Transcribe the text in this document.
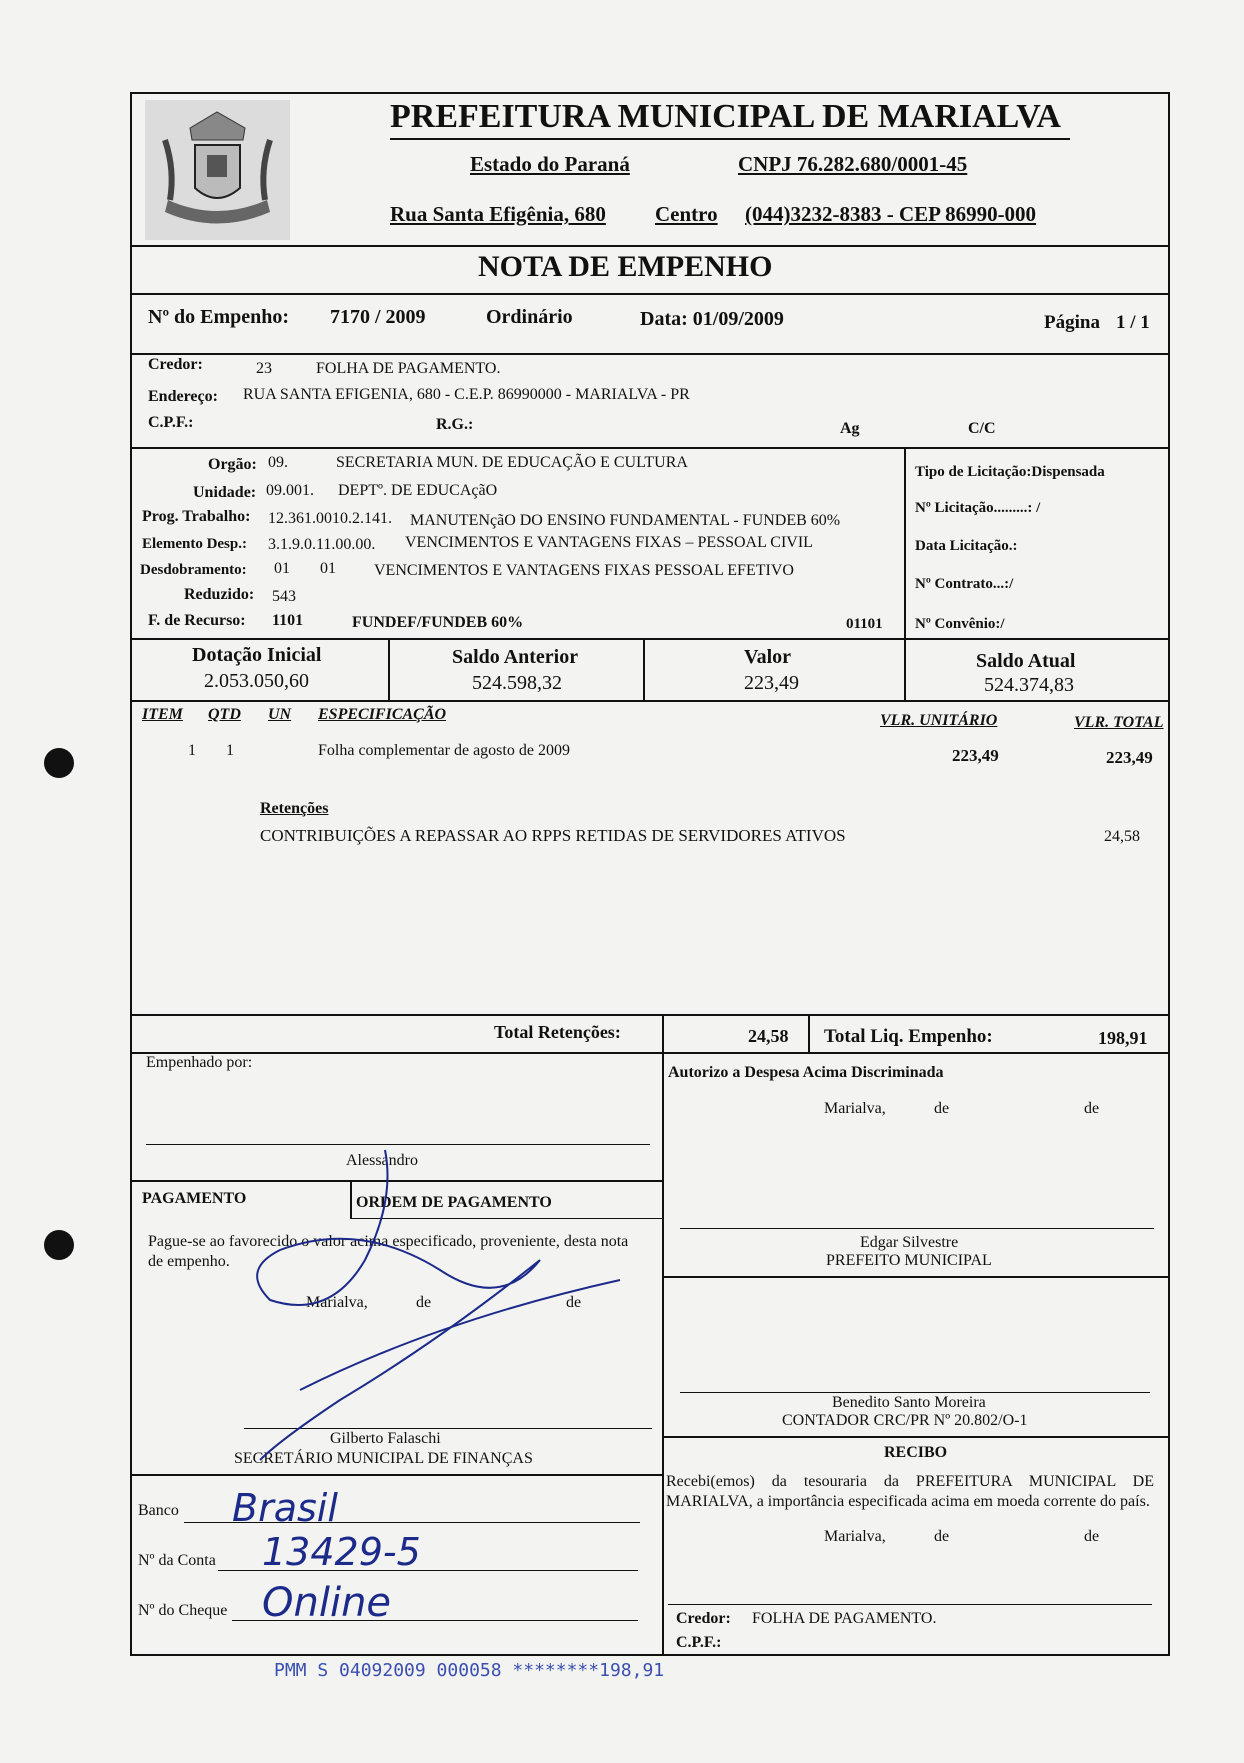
PREFEITURA MUNICIPAL DE MARIALVA
Estado do Paraná	CNPJ 76.282.680/0001-45
Rua Santa Efigênia, 680 Centro (044)3232-8383 - CEP 86990-000
NOTA DE EMPENHO
Nº do Empenho: 7170 / 2009	Ordinário	Data: 01/09/2009	Página 1 / 1
Credor:	23	FOLHA DE PAGAMENTO.
Endereço: RUA SANTA EFIGENIA, 680 - C.E.P. 86990000 - MARIALVA - PR
C.P.F.:	R.G.:	Ag	C/C
Orgão: 09.	SECRETARIA MUN. DE EDUCAÇÃO E CULTURA
Unidade: 09.001. DEPTº. DE EDUCAçãO
Prog. Trabalho: 12.361.0010.2.141. MANUTENçãO DO ENSINO FUNDAMENTAL - FUNDEB 60%
Elemento Desp.: 3.1.9.0.11.00.00. VENCIMENTOS E VANTAGENS FIXAS – PESSOAL CIVIL
Desdobramento: 01 01 VENCIMENTOS E VANTAGENS FIXAS PESSOAL EFETIVO
Reduzido: 543
F. de Recurso: 1101	FUNDEF/FUNDEB 60%	01101
Tipo de Licitação:Dispensada
Nº Licitação.........: /
Data Licitação.:
Nº Contrato...:/
Nº Convênio:/
Dotação Inicial
2.053.050,60
Saldo Anterior
524.598,32
Valor
223,49
Saldo Atual
524.374,83
ITEM QTD UN ESPECIFICAÇÃO	VLR. UNITÁRIO	VLR. TOTAL
1 1	Folha complementar de agosto de 2009	223,49	223,49
Retenções
CONTRIBUIÇÕES A REPASSAR AO RPPS RETIDAS DE SERVIDORES ATIVOS	24,58
Total Retenções:	24,58 Total Liq. Empenho:	198,91
Empenhado por:
Alessandro
PAGAMENTO	ORDEM DE PAGAMENTO
Pague-se ao favorecido o valor acima especificado, proveniente, desta nota de empenho.
Marialva,	de	de
Gilberto Falaschi
SECRETÁRIO MUNICIPAL DE FINANÇAS
Banco Brasil
Nº da Conta 13429-5
Nº do Cheque Online
Autorizo a Despesa Acima Discriminada
Marialva,	de	de
Edgar Silvestre
PREFEITO MUNICIPAL
Benedito Santo Moreira
CONTADOR CRC/PR Nº 20.802/O-1
RECIBO
Recebi(emos) da tesouraria da PREFEITURA MUNICIPAL DE MARIALVA, a importância especificada acima em moeda corrente do país.
Marialva,	de	de
Credor: FOLHA DE PAGAMENTO.
C.P.F.:
PMM S 04092009 000058 ********198,91
